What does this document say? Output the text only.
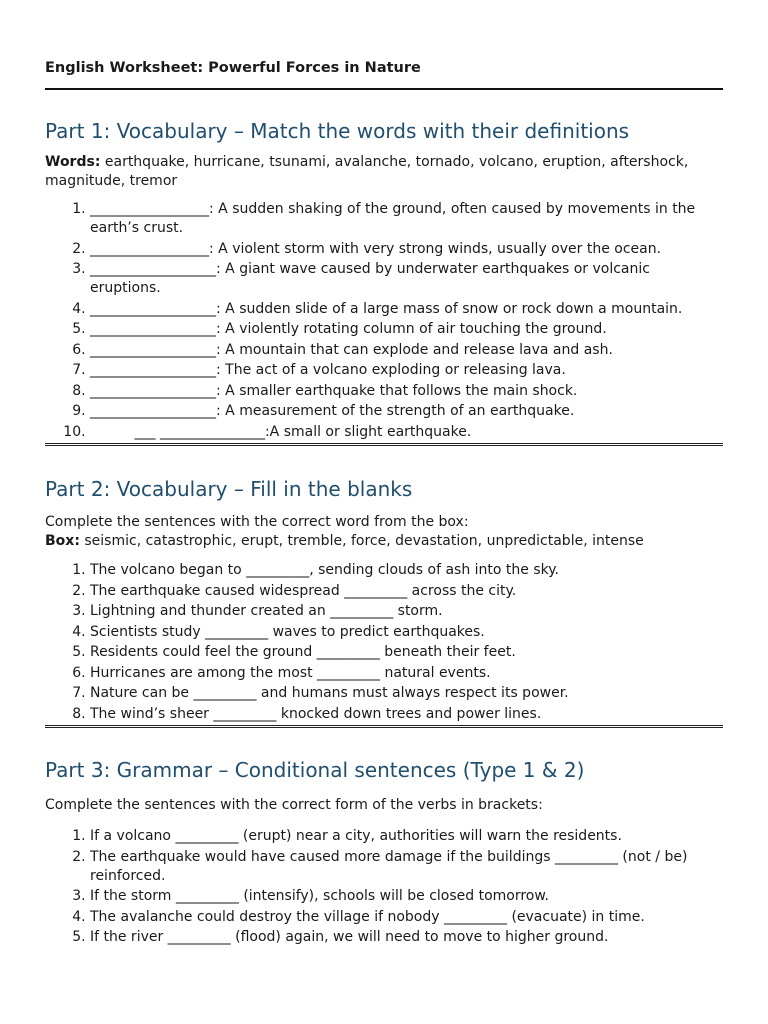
English Worksheet: Powerful Forces in Nature

Part 1: Vocabulary – Match the words with their definitions

Words: earthquake, hurricane, tsunami, avalanche, tornado, volcano, eruption, aftershock, magnitude, tremor

1. _________________: A sudden shaking of the ground, often caused by movements in the earth’s crust.
2. _________________: A violent storm with very strong winds, usually over the ocean.
3. __________________: A giant wave caused by underwater earthquakes or volcanic eruptions.
4. __________________: A sudden slide of a large mass of snow or rock down a mountain.
5. __________________: A violently rotating column of air touching the ground.
6. __________________: A mountain that can explode and release lava and ash.
7. __________________: The act of a volcano exploding or releasing lava.
8. __________________: A smaller earthquake that follows the main shock.
9. __________________: A measurement of the strength of an earthquake.
10.           ___ _______________:A small or slight earthquake.
Part 2: Vocabulary – Fill in the blanks

Complete the sentences with the correct word from the box:

Box: seismic, catastrophic, erupt, tremble, force, devastation, unpredictable, intense

1. The volcano began to _________, sending clouds of ash into the sky.
2. The earthquake caused widespread _________ across the city.
3. Lightning and thunder created an _________ storm.
4. Scientists study _________ waves to predict earthquakes.
5. Residents could feel the ground _________ beneath their feet.
6. Hurricanes are among the most _________ natural events.
7. Nature can be _________ and humans must always respect its power.
8. The wind’s sheer _________ knocked down trees and power lines.
Part 3: Grammar – Conditional sentences (Type 1 & 2)

Complete the sentences with the correct form of the verbs in brackets:

1. If a volcano _________ (erupt) near a city, authorities will warn the residents.
2. The earthquake would have caused more damage if the buildings _________ (not / be) reinforced.
3. If the storm _________ (intensify), schools will be closed tomorrow.
4. The avalanche could destroy the village if nobody _________ (evacuate) in time.
5. If the river _________ (flood) again, we will need to move to higher ground.
